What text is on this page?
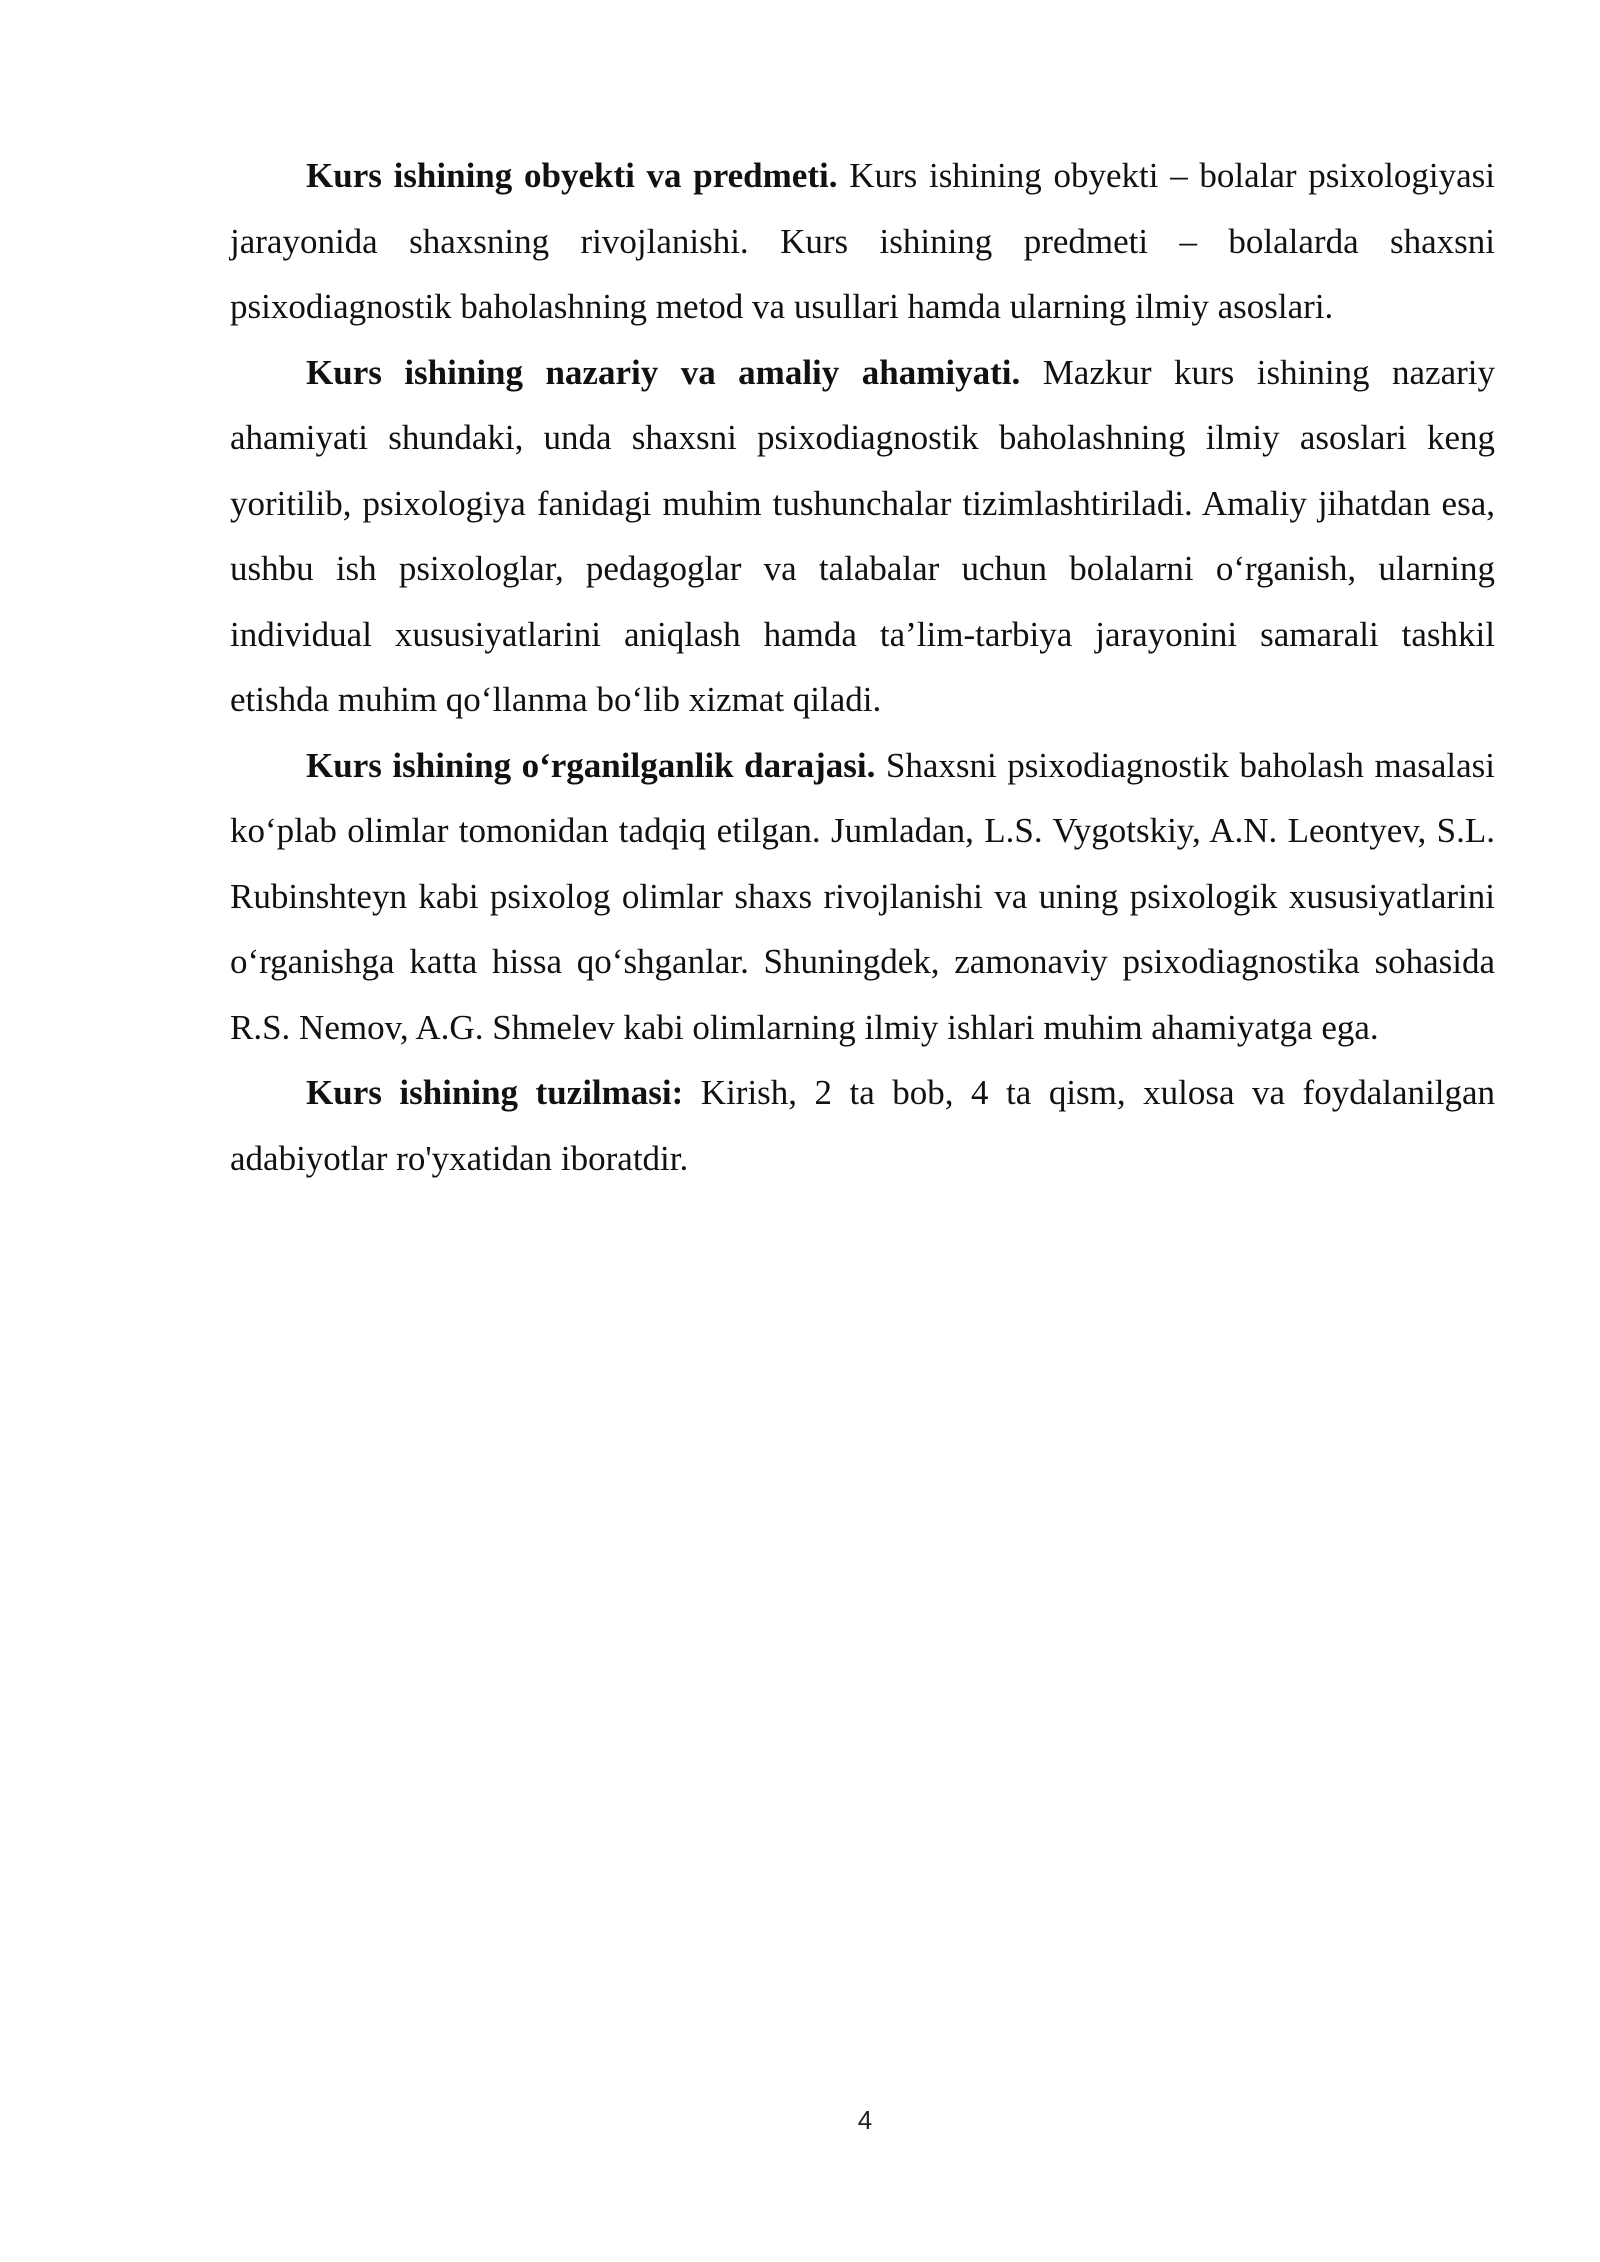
Kurs ishining obyekti va predmeti. Kurs ishining obyekti – bolalar psixologiyasi jarayonida shaxsning rivojlanishi. Kurs ishining predmeti – bolalarda shaxsni psixodiagnostik baholashning metod va usullari hamda ularning ilmiy asoslari.

Kurs ishining nazariy va amaliy ahamiyati. Mazkur kurs ishining nazariy ahamiyati shundaki, unda shaxsni psixodiagnostik baholashning ilmiy asoslari keng yoritilib, psixologiya fanidagi muhim tushunchalar tizimlashtiriladi. Amaliy jihatdan esa, ushbu ish psixologlar, pedagoglar va talabalar uchun bolalarni o‘rganish, ularning individual xususiyatlarini aniqlash hamda ta’lim-tarbiya jarayonini samarali tashkil etishda muhim qo‘llanma bo‘lib xizmat qiladi.

Kurs ishining o‘rganilganlik darajasi. Shaxsni psixodiagnostik baholash masalasi ko‘plab olimlar tomonidan tadqiq etilgan. Jumladan, L.S. Vygotskiy, A.N. Leontyev, S.L. Rubinshteyn kabi psixolog olimlar shaxs rivojlanishi va uning psixologik xususiyatlarini o‘rganishga katta hissa qo‘shganlar. Shuningdek, zamonaviy psixodiagnostika sohasida R.S. Nemov, A.G. Shmelev kabi olimlarning ilmiy ishlari muhim ahamiyatga ega.

Kurs ishining tuzilmasi: Kirish, 2 ta bob, 4 ta qism, xulosa va foydalanilgan adabiyotlar ro'yxatidan iboratdir.

4
